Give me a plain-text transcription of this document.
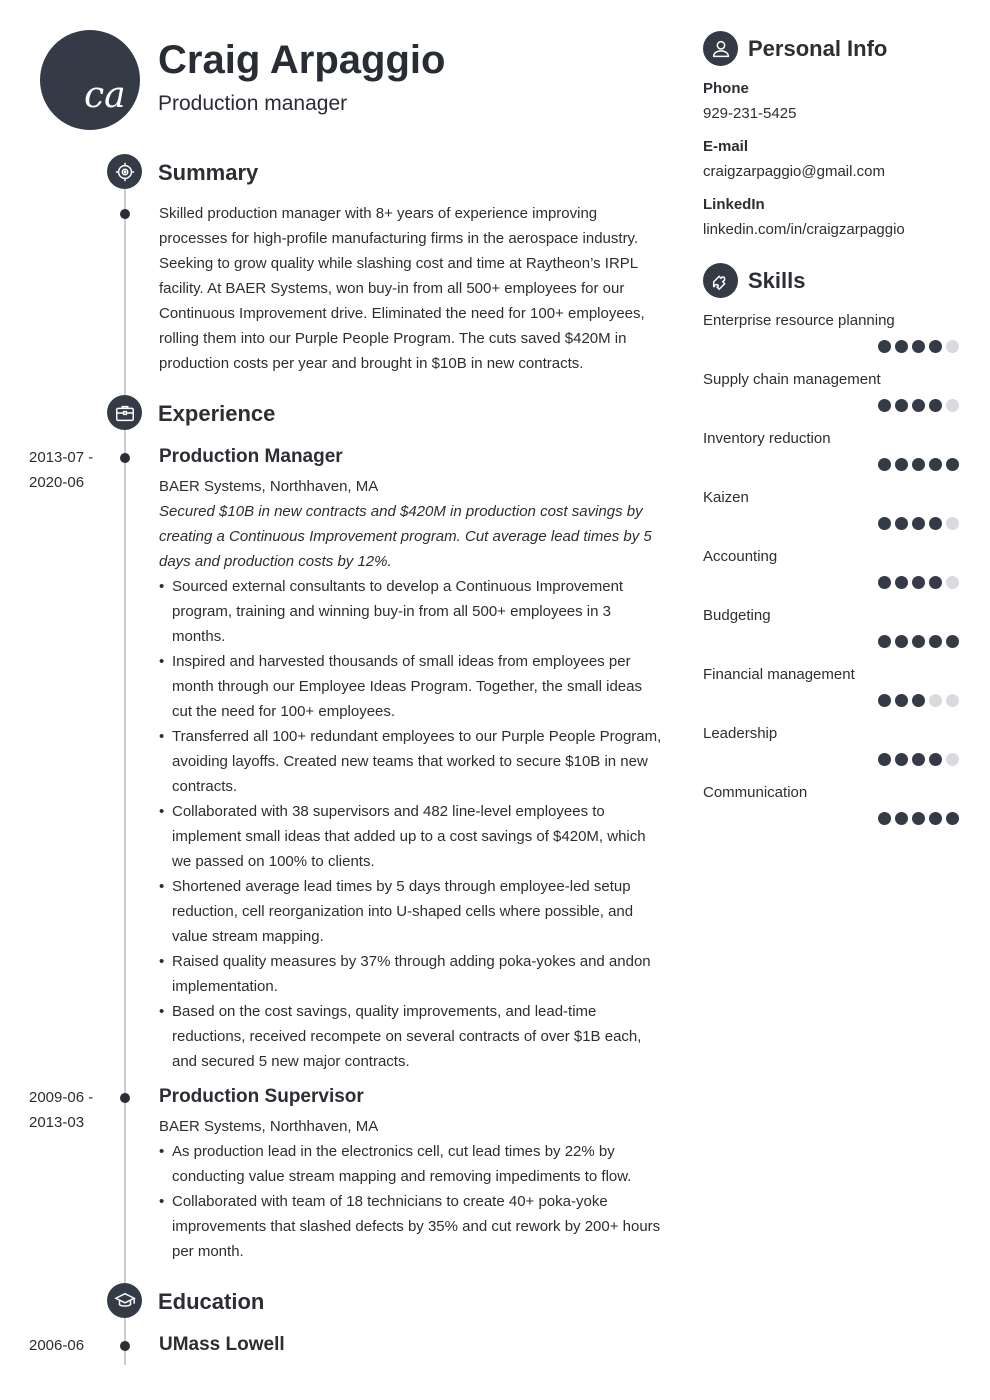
ca
Craig Arpaggio
Production manager
Summary
Skilled production manager with 8+ years of experience improving processes for high-profile manufacturing firms in the aerospace industry. Seeking to grow quality while slashing cost and time at Raytheon’s IRPL facility. At BAER Systems, won buy-in from all 500+ employees for our Continuous Improvement drive. Eliminated the need for 100+ employees, rolling them into our Purple People Program. The cuts saved $420M in production costs per year and brought in $10B in new contracts.
Experience
2013-07 -
2020-06
Production Manager
BAER Systems, Northhaven, MA
Secured $10B in new contracts and $420M in production cost savings by creating a Continuous Improvement program. Cut average lead times by 5 days and production costs by 12%.
• Sourced external consultants to develop a Continuous Improvement program, training and winning buy-in from all 500+ employees in 3 months.
• Inspired and harvested thousands of small ideas from employees per month through our Employee Ideas Program. Together, the small ideas cut the need for 100+ employees.
• Transferred all 100+ redundant employees to our Purple People Program, avoiding layoffs. Created new teams that worked to secure $10B in new contracts.
• Collaborated with 38 supervisors and 482 line-level employees to implement small ideas that added up to a cost savings of $420M, which we passed on 100% to clients.
• Shortened average lead times by 5 days through employee-led setup reduction, cell reorganization into U-shaped cells where possible, and value stream mapping.
• Raised quality measures by 37% through adding poka-yokes and andon implementation.
• Based on the cost savings, quality improvements, and lead-time reductions, received recompete on several contracts of over $1B each, and secured 5 new major contracts.
2009-06 -
2013-03
Production Supervisor
BAER Systems, Northhaven, MA
• As production lead in the electronics cell, cut lead times by 22% by conducting value stream mapping and removing impediments to flow.
• Collaborated with team of 18 technicians to create 40+ poka-yoke improvements that slashed defects by 35% and cut rework by 200+ hours per month.
Education
2006-06	UMass Lowell
Personal Info
Phone
929-231-5425
E-mail
craigzarpaggio@gmail.com
LinkedIn
linkedin.com/in/craigzarpaggio
Skills
Enterprise resource planning
Supply chain management
Inventory reduction
Kaizen
Accounting
Budgeting
Financial management
Leadership
Communication
